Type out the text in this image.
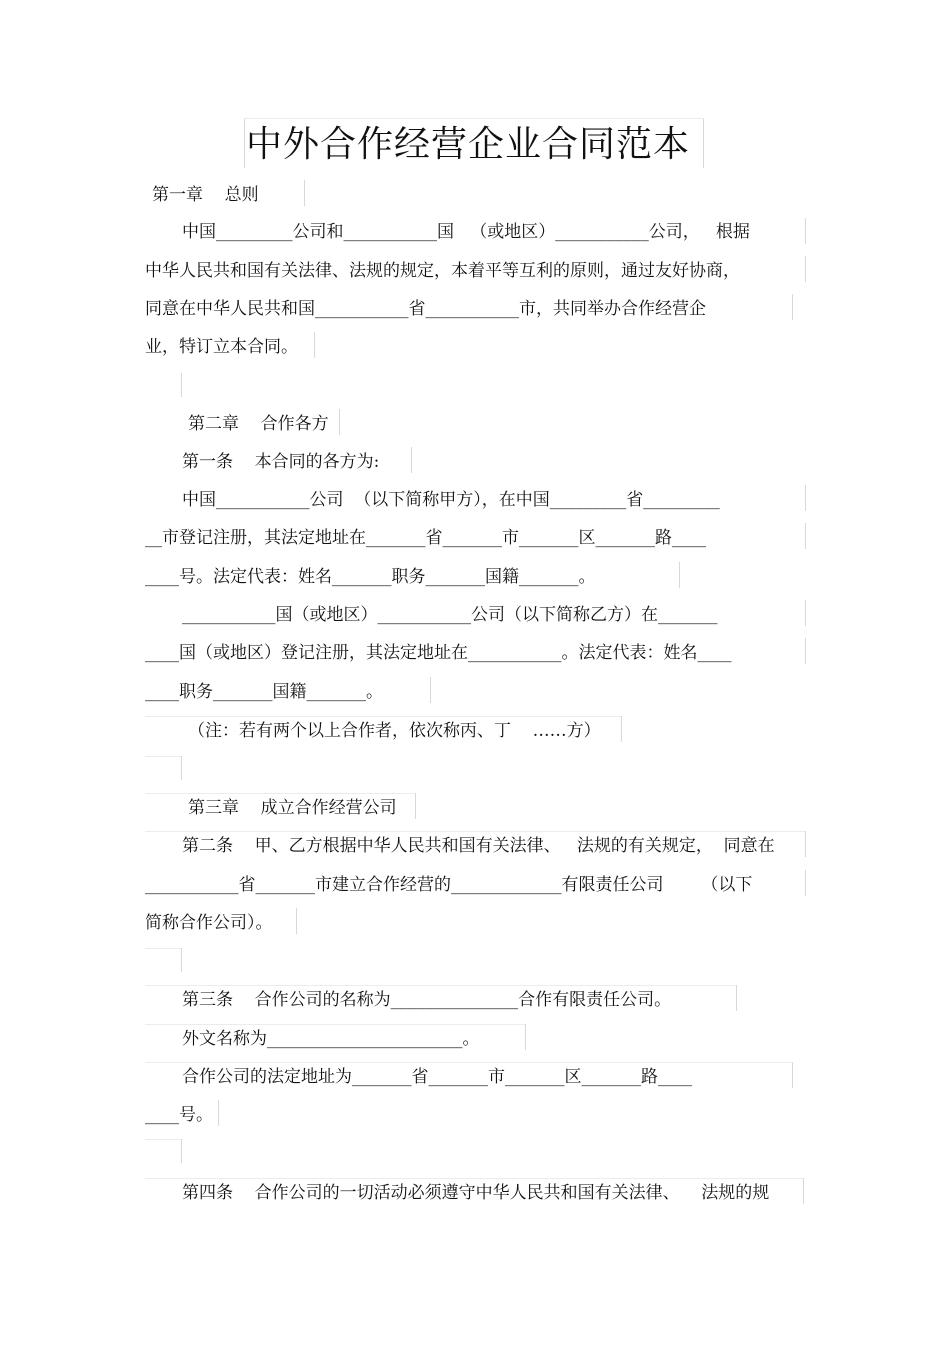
中外合作经营企业合同范本
第一章    总则
中国_________公司和___________国   （或地区）___________公司，   根据
中华人民共和国有关法律、法规的规定，本着平等互利的原则，通过友好协商，
同意在中华人民共和国___________省___________市，共同举办合作经营企
业，特订立本合同。
第二章    合作各方
第一条    本合同的各方为:
中国___________公司  （以下简称甲方），在中国_________省_________
__市登记注册，其法定地址在_______省_______市_______区_______路____
____号。法定代表：姓名_______职务_______国籍_______。
___________国（或地区）___________公司（以下简称乙方）在_______
____国（或地区）登记注册，其法定地址在___________。法定代表：姓名____
____职务_______国籍_______。
（注：若有两个以上合作者，依次称丙、丁    ……方）
第三章    成立合作经营公司
第二条    甲、乙方根据中华人民共和国有关法律、   法规的有关规定，  同意在
___________省_______市建立合作经营的_____________有限责任公司       （以下
简称合作公司）。
第三条    合作公司的名称为_______________合作有限责任公司。
外文名称为_______________________。
合作公司的法定地址为_______省_______市_______区_______路____
____号。
第四条    合作公司的一切活动必须遵守中华人民共和国有关法律、    法规的规
